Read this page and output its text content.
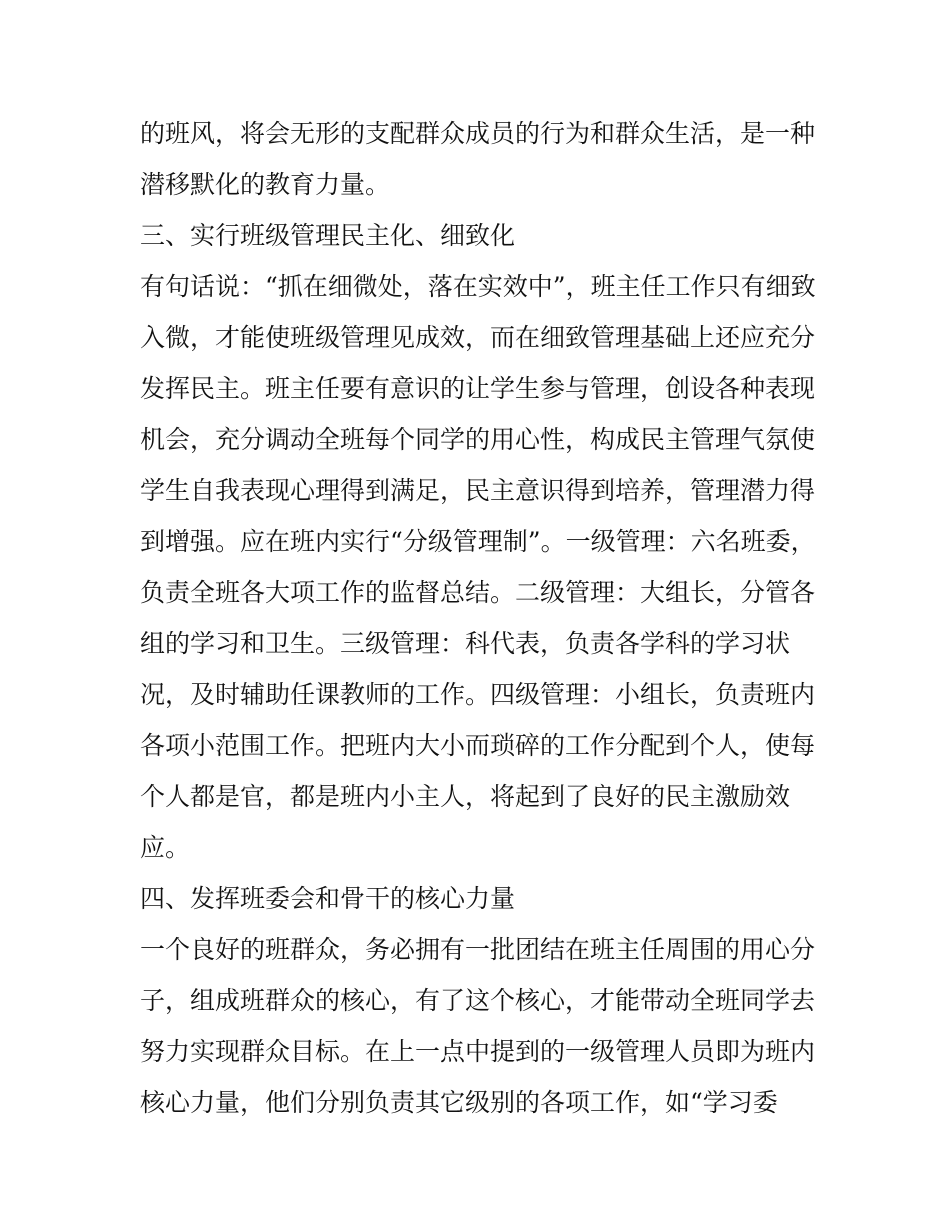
的班风，将会无形的支配群众成员的行为和群众生活，是一种
潜移默化的教育力量。
三、实行班级管理民主化、细致化
有句话说：“抓在细微处，落在实效中”，班主任工作只有细致
入微，才能使班级管理见成效，而在细致管理基础上还应充分
发挥民主。班主任要有意识的让学生参与管理，创设各种表现
机会，充分调动全班每个同学的用心性，构成民主管理气氛使
学生自我表现心理得到满足，民主意识得到培养，管理潜力得
到增强。应在班内实行“分级管理制”。一级管理：六名班委，
负责全班各大项工作的监督总结。二级管理：大组长，分管各
组的学习和卫生。三级管理：科代表，负责各学科的学习状
况，及时辅助任课教师的工作。四级管理：小组长，负责班内
各项小范围工作。把班内大小而琐碎的工作分配到个人，使每
个人都是官，都是班内小主人，将起到了良好的民主激励效
应。
四、发挥班委会和骨干的核心力量
一个良好的班群众，务必拥有一批团结在班主任周围的用心分
子，组成班群众的核心，有了这个核心，才能带动全班同学去
努力实现群众目标。在上一点中提到的一级管理人员即为班内
核心力量，他们分别负责其它级别的各项工作，如“学习委
